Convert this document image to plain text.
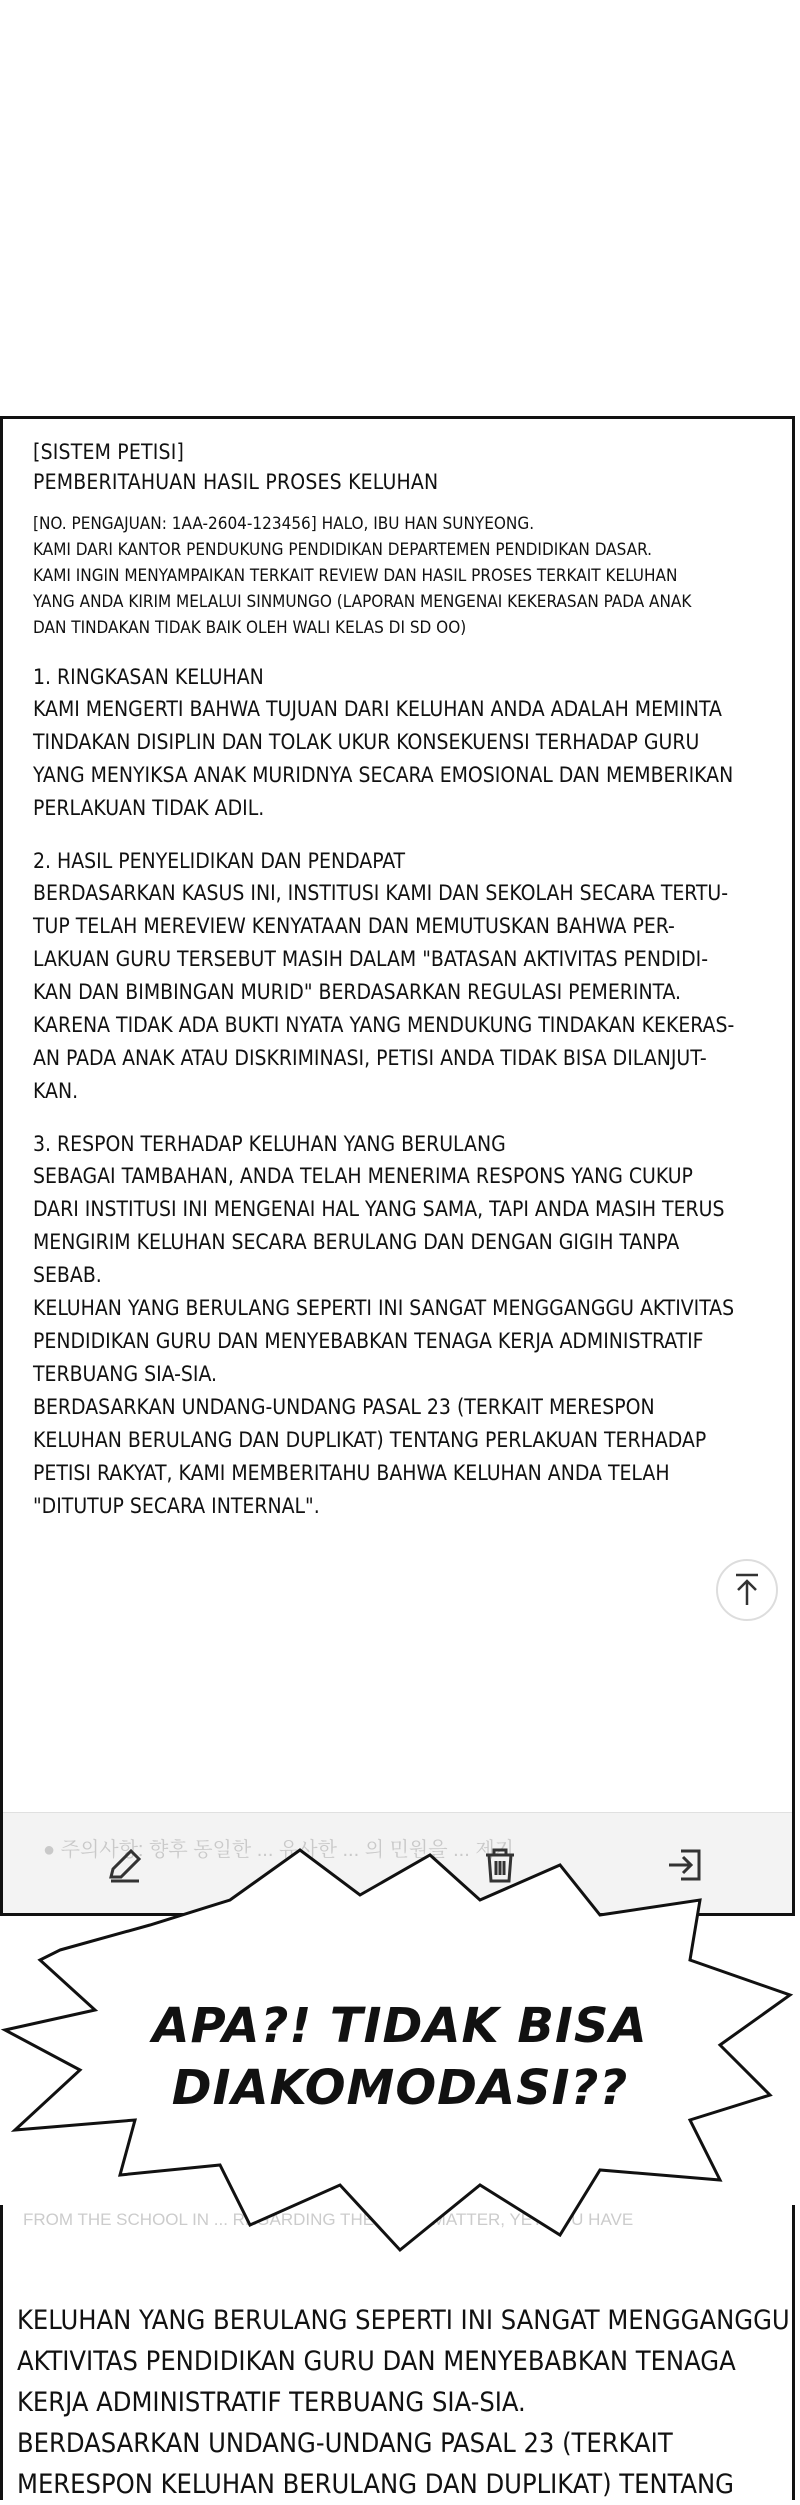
[SISTEM PETISI]
PEMBERITAHUAN HASIL PROSES KELUHAN
[NO. PENGAJUAN: 1AA-2604-123456] HALO, IBU HAN SUNYEONG.
KAMI DARI KANTOR PENDUKUNG PENDIDIKAN DEPARTEMEN PENDIDIKAN DASAR.
KAMI INGIN MENYAMPAIKAN TERKAIT REVIEW DAN HASIL PROSES TERKAIT KELUHAN
YANG ANDA KIRIM MELALUI SINMUNGO (LAPORAN MENGENAI KEKERASAN PADA ANAK
DAN TINDAKAN TIDAK BAIK OLEH WALI KELAS DI SD OO)
1. RINGKASAN KELUHAN
KAMI MENGERTI BAHWA TUJUAN DARI KELUHAN ANDA ADALAH MEMINTA
TINDAKAN DISIPLIN DAN TOLAK UKUR KONSEKUENSI TERHADAP GURU
YANG MENYIKSA ANAK MURIDNYA SECARA EMOSIONAL DAN MEMBERIKAN
PERLAKUAN TIDAK ADIL.
2. HASIL PENYELIDIKAN DAN PENDAPAT
BERDASARKAN KASUS INI, INSTITUSI KAMI DAN SEKOLAH SECARA TERTU-
TUP TELAH MEREVIEW KENYATAAN DAN MEMUTUSKAN BAHWA PER-
LAKUAN GURU TERSEBUT MASIH DALAM "BATASAN AKTIVITAS PENDIDI-
KAN DAN BIMBINGAN MURID" BERDASARKAN REGULASI PEMERINTA.
KARENA TIDAK ADA BUKTI NYATA YANG MENDUKUNG TINDAKAN KEKERAS-
AN PADA ANAK ATAU DISKRIMINASI, PETISI ANDA TIDAK BISA DILANJUT-
KAN.
3. RESPON TERHADAP KELUHAN YANG BERULANG
SEBAGAI TAMBAHAN, ANDA TELAH MENERIMA RESPONS YANG CUKUP
DARI INSTITUSI INI MENGENAI HAL YANG SAMA, TAPI ANDA MASIH TERUS
MENGIRIM KELUHAN SECARA BERULANG DAN DENGAN GIGIH TANPA
SEBAB.
KELUHAN YANG BERULANG SEPERTI INI SANGAT MENGGANGGU AKTIVITAS
PENDIDIKAN GURU DAN MENYEBABKAN TENAGA KERJA ADMINISTRATIF
TERBUANG SIA-SIA.
BERDASARKAN UNDANG-UNDANG PASAL 23 (TERKAIT MERESPON
KELUHAN BERULANG DAN DUPLIKAT) TENTANG PERLAKUAN TERHADAP
PETISI RAKYAT, KAMI MEMBERITAHU BAHWA KELUHAN ANDA TELAH
"DITUTUP SECARA INTERNAL".
● 주의사항: 향후 동일한 ... 유사한 ... 의 민원을 ... 제기
FROM THE SCHOOL IN ... REGARDING THE SAME MATTER, YET YOU HAVE
KELUHAN YANG BERULANG SEPERTI INI SANGAT MENGGANGGU
AKTIVITAS PENDIDIKAN GURU DAN MENYEBABKAN TENAGA
KERJA ADMINISTRATIF TERBUANG SIA-SIA.
BERDASARKAN UNDANG-UNDANG PASAL 23 (TERKAIT
MERESPON KELUHAN BERULANG DAN DUPLIKAT) TENTANG
APA?! TIDAK BISA
DIAKOMODASI??
